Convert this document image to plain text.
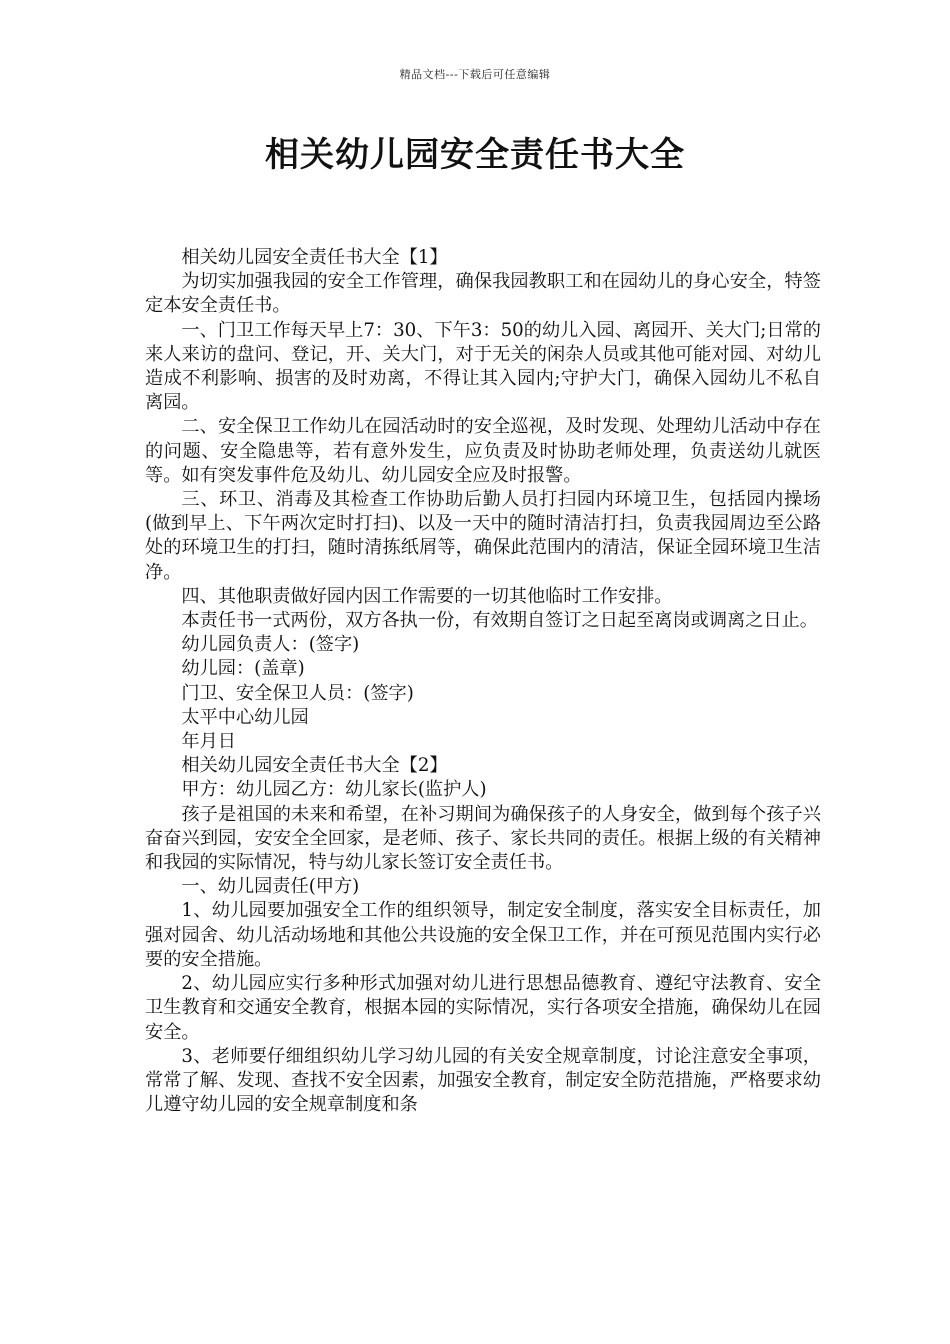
精品文档---下载后可任意编辑
相关幼儿园安全责任书大全

相关幼儿园安全责任书大全【1】

为切实加强我园的安全工作管理，确保我园教职工和在园幼儿的身心安全，特签定本安全责任书。

一、门卫工作每天早上7：30、下午3：50的幼儿入园、离园开、关大门;日常的来人来访的盘问、登记，开、关大门，对于无关的闲杂人员或其他可能对园、对幼儿造成不利影响、损害的及时劝离，不得让其入园内;守护大门，确保入园幼儿不私自离园。

二、安全保卫工作幼儿在园活动时的安全巡视，及时发现、处理幼儿活动中存在的问题、安全隐患等，若有意外发生，应负责及时协助老师处理，负责送幼儿就医等。如有突发事件危及幼儿、幼儿园安全应及时报警。

三、环卫、消毒及其检查工作协助后勤人员打扫园内环境卫生，包括园内操场(做到早上、下午两次定时打扫)、以及一天中的随时清洁打扫，负责我园周边至公路处的环境卫生的打扫，随时清拣纸屑等，确保此范围内的清洁，保证全园环境卫生洁净。

四、其他职责做好园内因工作需要的一切其他临时工作安排。

本责任书一式两份，双方各执一份，有效期自签订之日起至离岗或调离之日止。

幼儿园负责人：(签字)

幼儿园：(盖章)

门卫、安全保卫人员：(签字)

太平中心幼儿园

年月日

相关幼儿园安全责任书大全【2】

甲方：幼儿园乙方：幼儿家长(监护人)

孩子是祖国的未来和希望，在补习期间为确保孩子的人身安全，做到每个孩子兴奋奋兴到园，安安全全回家，是老师、孩子、家长共同的责任。根据上级的有关精神和我园的实际情况，特与幼儿家长签订安全责任书。

一、幼儿园责任(甲方)

1、幼儿园要加强安全工作的组织领导，制定安全制度，落实安全目标责任，加强对园舍、幼儿活动场地和其他公共设施的安全保卫工作，并在可预见范围内实行必要的安全措施。

2、幼儿园应实行多种形式加强对幼儿进行思想品德教育、遵纪守法教育、安全卫生教育和交通安全教育，根据本园的实际情况，实行各项安全措施，确保幼儿在园安全。

3、老师要仔细组织幼儿学习幼儿园的有关安全规章制度，讨论注意安全事项，常常了解、发现、查找不安全因素，加强安全教育，制定安全防范措施，严格要求幼儿遵守幼儿园的安全规章制度和条
